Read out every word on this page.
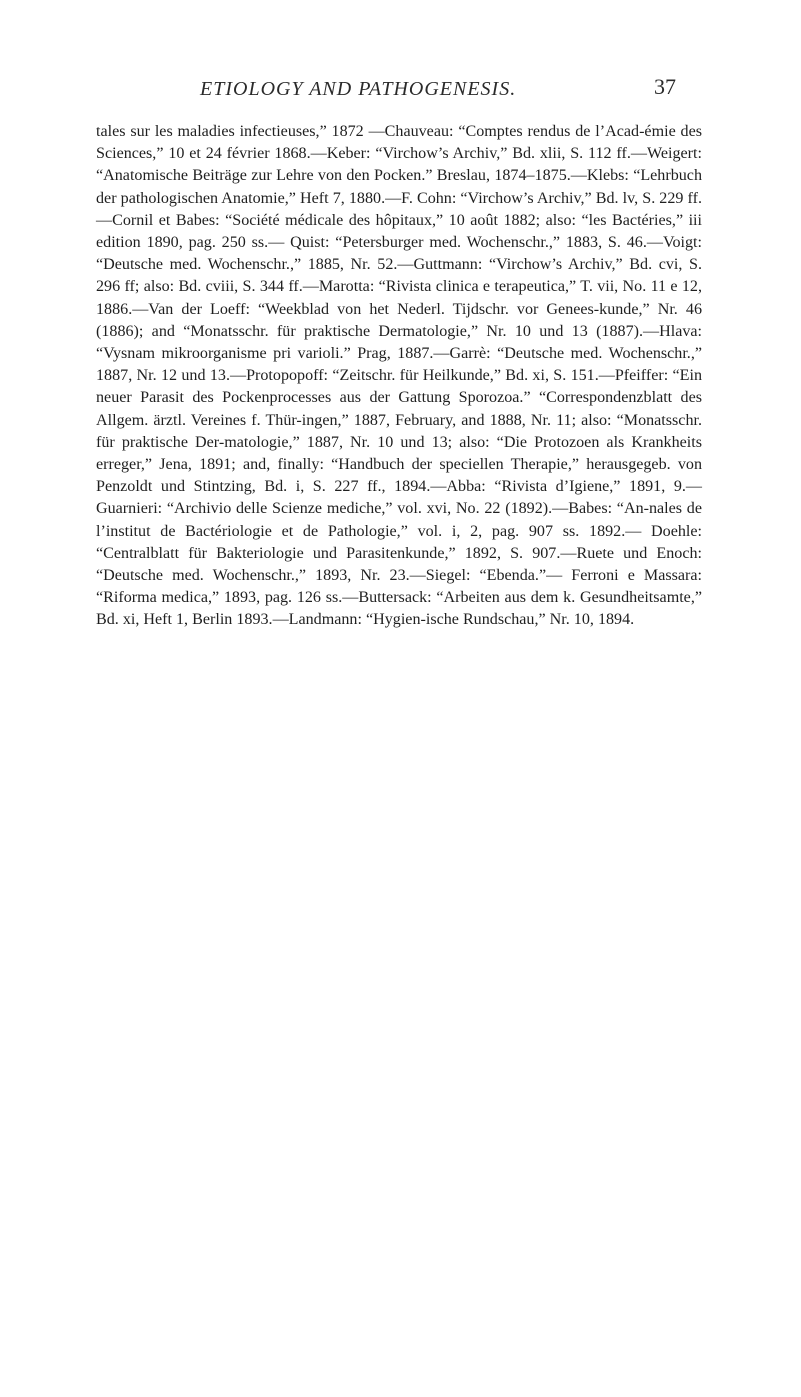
ETIOLOGY AND PATHOGENESIS.	37

tales sur les maladies infectieuses,” 1872 —Chauveau: “Comptes rendus de l’Acad-émie des Sciences,” 10 et 24 février 1868.—Keber: “Virchow’s Archiv,” Bd. xlii, S. 112 ff.—Weigert: “Anatomische Beiträge zur Lehre von den Pocken.” Breslau, 1874–1875.—Klebs: “Lehrbuch der pathologischen Anatomie,” Heft 7, 1880.—F. Cohn: “Virchow’s Archiv,” Bd. lv, S. 229 ff.—Cornil et Babes: “Société médicale des hôpitaux,” 10 août 1882; also: “les Bactéries,” iii edition 1890, pag. 250 ss.— Quist: “Petersburger med. Wochenschr.,” 1883, S. 46.—Voigt: “Deutsche med. Wochenschr.,” 1885, Nr. 52.—Guttmann: “Virchow’s Archiv,” Bd. cvi, S. 296 ff; also: Bd. cviii, S. 344 ff.—Marotta: “Rivista clinica e terapeutica,” T. vii, No. 11 e 12, 1886.—Van der Loeff: “Weekblad von het Nederl. Tijdschr. vor Genees-kunde,” Nr. 46 (1886); and “Monatsschr. für praktische Dermatologie,” Nr. 10 und 13 (1887).—Hlava: “Vysnam mikroorganisme pri varioli.” Prag, 1887.—Garrè: “Deutsche med. Wochenschr.,” 1887, Nr. 12 und 13.—Protopopoff: “Zeitschr. für Heilkunde,” Bd. xi, S. 151.—Pfeiffer: “Ein neuer Parasit des Pockenprocesses aus der Gattung Sporozoa.” “Correspondenzblatt des Allgem. ärztl. Vereines f. Thür-ingen,” 1887, February, and 1888, Nr. 11; also: “Monatsschr. für praktische Der-matologie,” 1887, Nr. 10 und 13; also: “Die Protozoen als Krankheits erreger,” Jena, 1891; and, finally: “Handbuch der speciellen Therapie,” herausgegeb. von Penzoldt und Stintzing, Bd. i, S. 227 ff., 1894.—Abba: “Rivista d’Igiene,” 1891, 9.— Guarnieri: “Archivio delle Scienze mediche,” vol. xvi, No. 22 (1892).—Babes: “An-nales de l’institut de Bactériologie et de Pathologie,” vol. i, 2, pag. 907 ss. 1892.— Doehle: “Centralblatt für Bakteriologie und Parasitenkunde,” 1892, S. 907.—Ruete und Enoch: “Deutsche med. Wochenschr.,” 1893, Nr. 23.—Siegel: “Ebenda.”— Ferroni e Massara: “Riforma medica,” 1893, pag. 126 ss.—Buttersack: “Arbeiten aus dem k. Gesundheitsamte,” Bd. xi, Heft 1, Berlin 1893.—Landmann: “Hygien-ische Rundschau,” Nr. 10, 1894.
